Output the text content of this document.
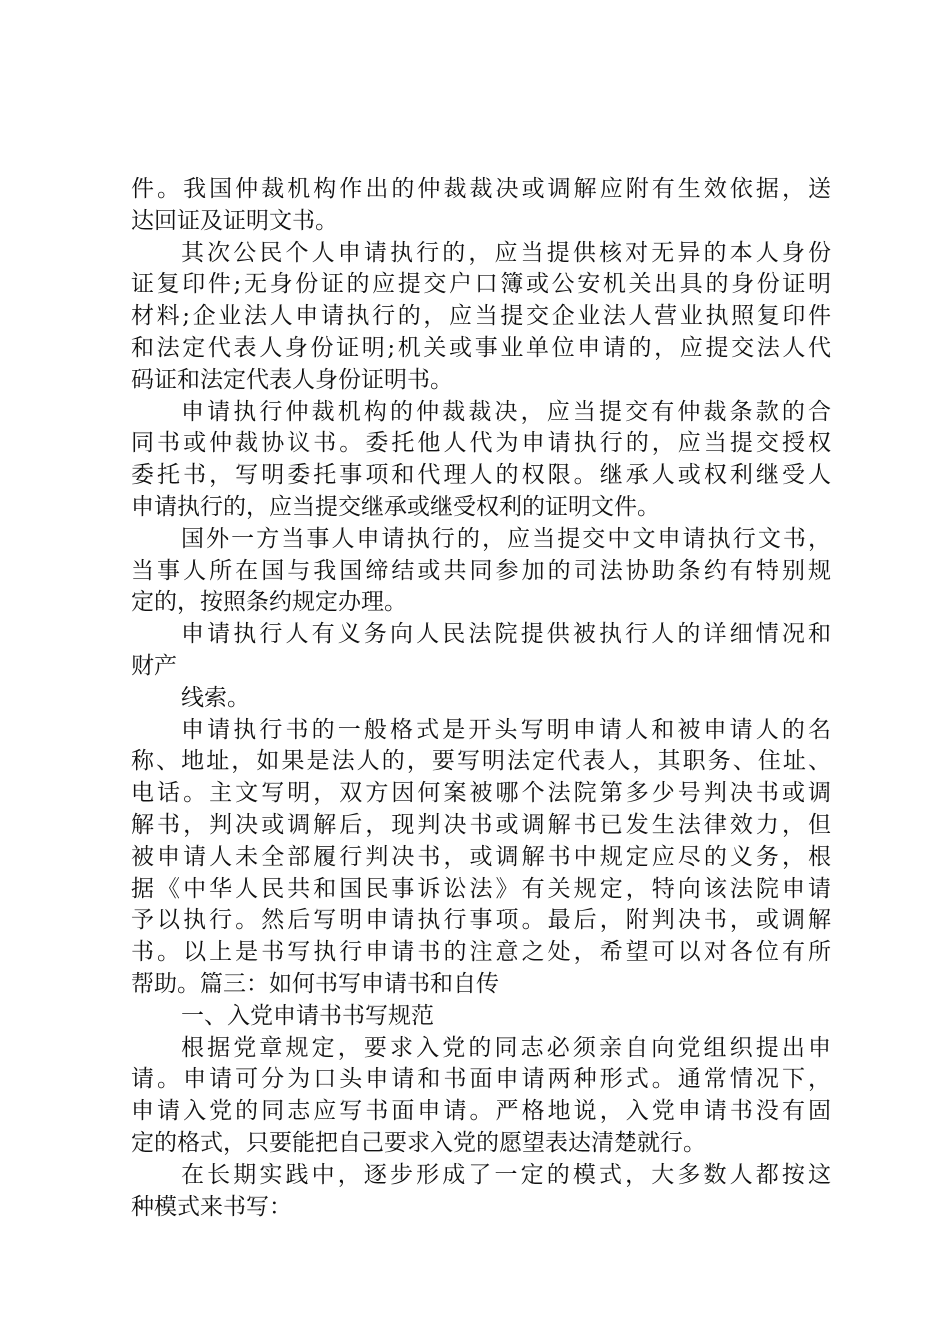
件。我国仲裁机构作出的仲裁裁决或调解应附有生效依据，送
达回证及证明文书。
其次公民个人申请执行的，应当提供核对无异的本人身份
证复印件;无身份证的应提交户口簿或公安机关出具的身份证明
材料;企业法人申请执行的，应当提交企业法人营业执照复印件
和法定代表人身份证明;机关或事业单位申请的，应提交法人代
码证和法定代表人身份证明书。
申请执行仲裁机构的仲裁裁决，应当提交有仲裁条款的合
同书或仲裁协议书。委托他人代为申请执行的，应当提交授权
委托书，写明委托事项和代理人的权限。继承人或权利继受人
申请执行的，应当提交继承或继受权利的证明文件。
国外一方当事人申请执行的，应当提交中文申请执行文书，
当事人所在国与我国缔结或共同参加的司法协助条约有特别规
定的，按照条约规定办理。
申请执行人有义务向人民法院提供被执行人的详细情况和
财产
线索。
申请执行书的一般格式是开头写明申请人和被申请人的名
称、地址，如果是法人的，要写明法定代表人，其职务、住址、
电话。主文写明，双方因何案被哪个法院第多少号判决书或调
解书，判决或调解后，现判决书或调解书已发生法律效力，但
被申请人未全部履行判决书，或调解书中规定应尽的义务，根
据《中华人民共和国民事诉讼法》有关规定，特向该法院申请
予以执行。然后写明申请执行事项。最后，附判决书，或调解
书。以上是书写执行申请书的注意之处，希望可以对各位有所
帮助。篇三：如何书写申请书和自传
一、入党申请书书写规范
根据党章规定，要求入党的同志必须亲自向党组织提出申
请。申请可分为口头申请和书面申请两种形式。通常情况下，
申请入党的同志应写书面申请。严格地说，入党申请书没有固
定的格式，只要能把自己要求入党的愿望表达清楚就行。
在长期实践中，逐步形成了一定的模式，大多数人都按这
种模式来书写：
